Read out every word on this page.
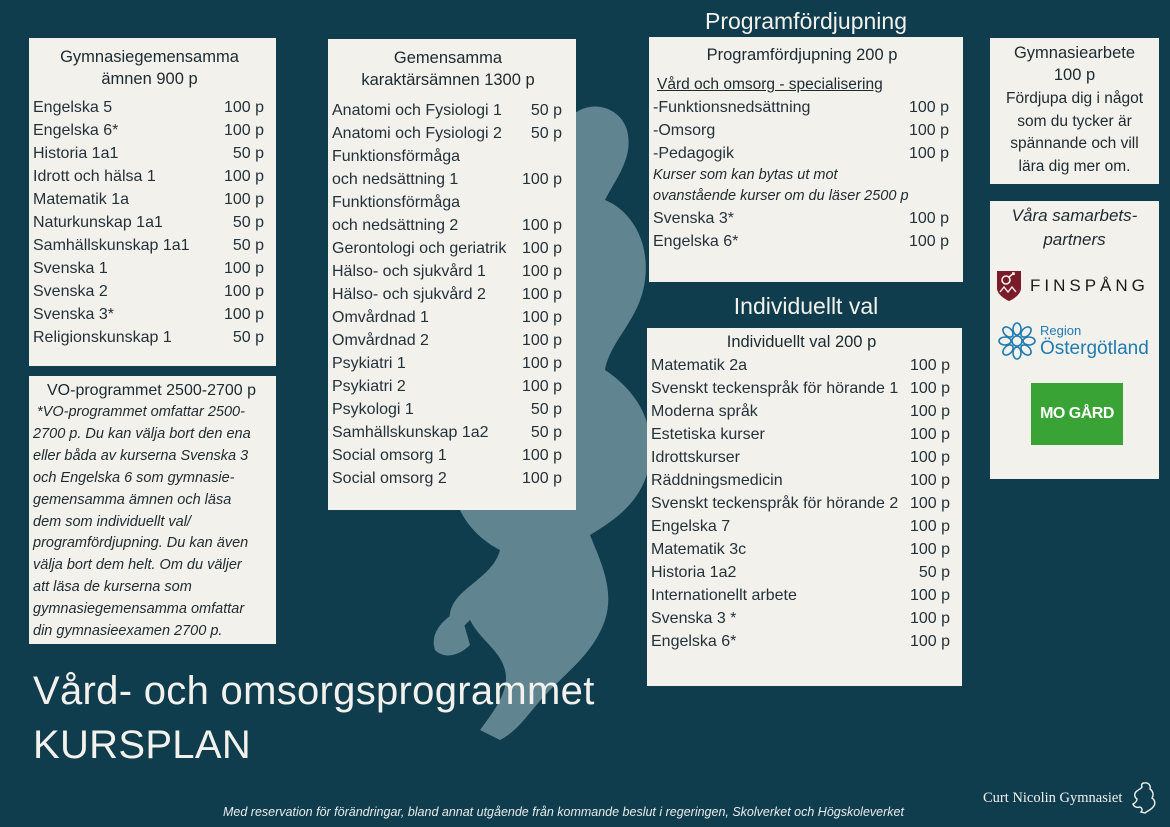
Programfördjupning
Individuellt val
Gymnasiegemensamma
ämnen 900 p
Engelska 5	100 p
Engelska 6*	100 p
Historia 1a1	50 p
Idrott och hälsa 1	100 p
Matematik 1a	100 p
Naturkunskap 1a1	50 p
Samhällskunskap 1a1	50 p
Svenska 1	100 p
Svenska 2	100 p
Svenska 3*	100 p
Religionskunskap 1	50 p
VO-programmet 2500-2700 p
*VO-programmet omfattar 2500-
2700 p. Du kan välja bort den ena
eller båda av kurserna Svenska 3
och Engelska 6 som gymnasie-
gemensamma ämnen och läsa
dem som individuellt val/
programfördjupning. Du kan även
välja bort dem helt. Om du väljer
att läsa de kurserna som
gymnasiegemensamma omfattar
din gymnasieexamen 2700 p.
Gemensamma
karaktärsämnen 1300 p
Anatomi och Fysiologi 1	50 p
Anatomi och Fysiologi 2	50 p
Funktionsförmåga
och nedsättning 1	100 p
Funktionsförmåga
och nedsättning 2	100 p
Gerontologi och geriatrik 100 p
Hälso- och sjukvård 1	100 p
Hälso- och sjukvård 2	100 p
Omvårdnad 1	100 p
Omvårdnad 2	100 p
Psykiatri 1	100 p
Psykiatri 2	100 p
Psykologi 1	50 p
Samhällskunskap 1a2	50 p
Social omsorg 1	100 p
Social omsorg 2	100 p
Programfördjupning 200 p
Vård och omsorg - specialisering
-Funktionsnedsättning	100 p
-Omsorg	100 p
-Pedagogik	100 p
Kurser som kan bytas ut mot
ovanstående kurser om du läser 2500 p
Svenska 3*	100 p
Engelska 6*	100 p
Individuellt val 200 p
Matematik 2a	100 p
Svenskt teckenspråk för hörande 1 100 p
Moderna språk	100 p
Estetiska kurser	100 p
Idrottskurser	100 p
Räddningsmedicin	100 p
Svenskt teckenspråk för hörande 2 100 p
Engelska 7	100 p
Matematik 3c	100 p
Historia 1a2	50 p
Internationellt arbete	100 p
Svenska 3 *	100 p
Engelska 6*	100 p
Gymnasiearbete
100 p
Fördjupa dig i något
som du tycker är
spännande och vill
lära dig mer om.
Våra samarbets-
partners
FINSPÅNG
Region
Östergötland
MO GÅRD
Vård- och omsorgsprogrammet
KURSPLAN
Med reservation för förändringar, bland annat utgående från kommande beslut i regeringen, Skolverket och Högskoleverket
Curt Nicolin Gymnasiet
